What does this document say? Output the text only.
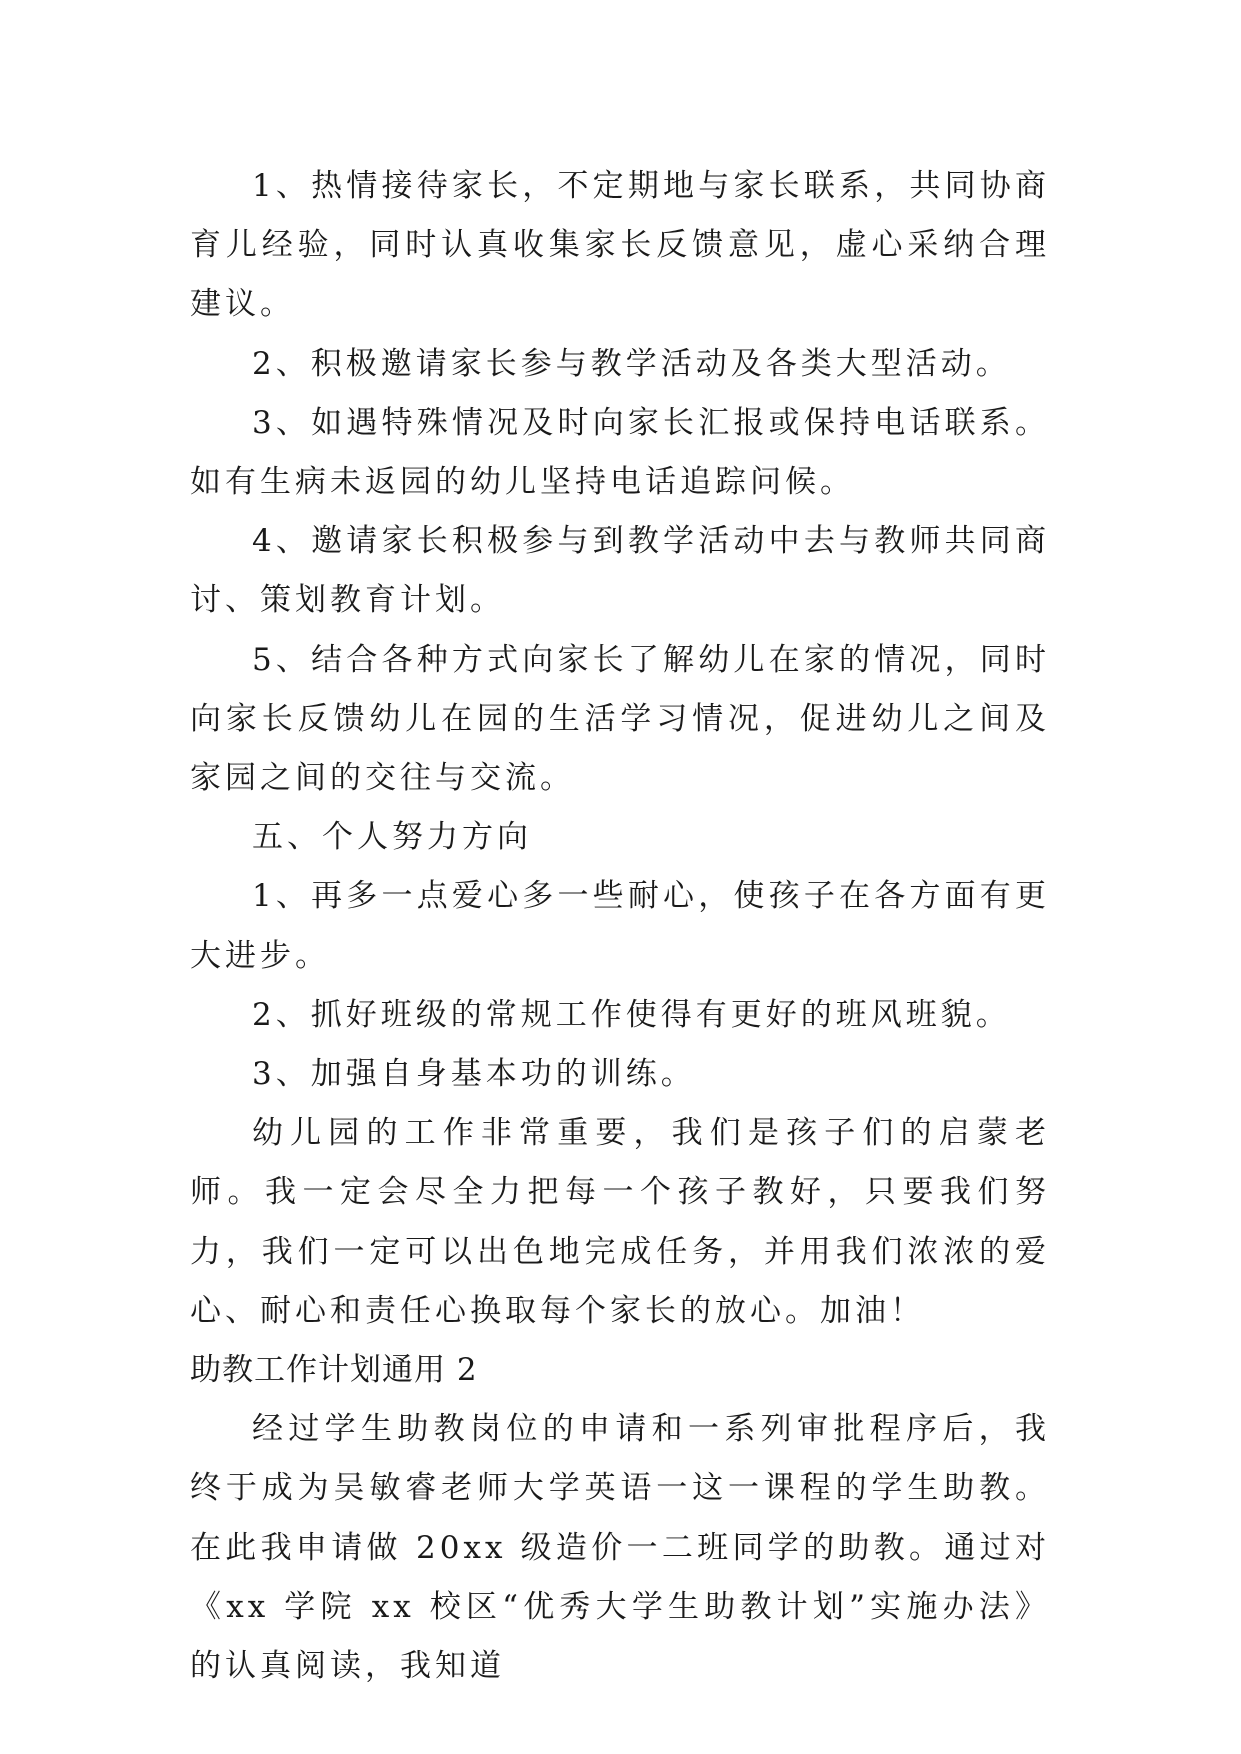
1、热情接待家长，不定期地与家长联系，共同协商育儿经验，同时认真收集家长反馈意见，虚心采纳合理建议。

2、积极邀请家长参与教学活动及各类大型活动。

3、如遇特殊情况及时向家长汇报或保持电话联系。如有生病未返园的幼儿坚持电话追踪问候。

4、邀请家长积极参与到教学活动中去与教师共同商讨、策划教育计划。

5、结合各种方式向家长了解幼儿在家的情况，同时向家长反馈幼儿在园的生活学习情况，促进幼儿之间及家园之间的交往与交流。

五、个人努力方向

1、再多一点爱心多一些耐心，使孩子在各方面有更大进步。

2、抓好班级的常规工作使得有更好的班风班貌。

3、加强自身基本功的训练。

幼儿园的工作非常重要，我们是孩子们的启蒙老师。我一定会尽全力把每一个孩子教好，只要我们努力，我们一定可以出色地完成任务，并用我们浓浓的爱心、耐心和责任心换取每个家长的放心。加油！

助教工作计划通用 2

经过学生助教岗位的申请和一系列审批程序后，我终于成为吴敏睿老师大学英语一这一课程的学生助教。在此我申请做 20xx 级造价一二班同学的助教。通过对《xx 学院 xx 校区“优秀大学生助教计划”实施办法》的认真阅读，我知道
